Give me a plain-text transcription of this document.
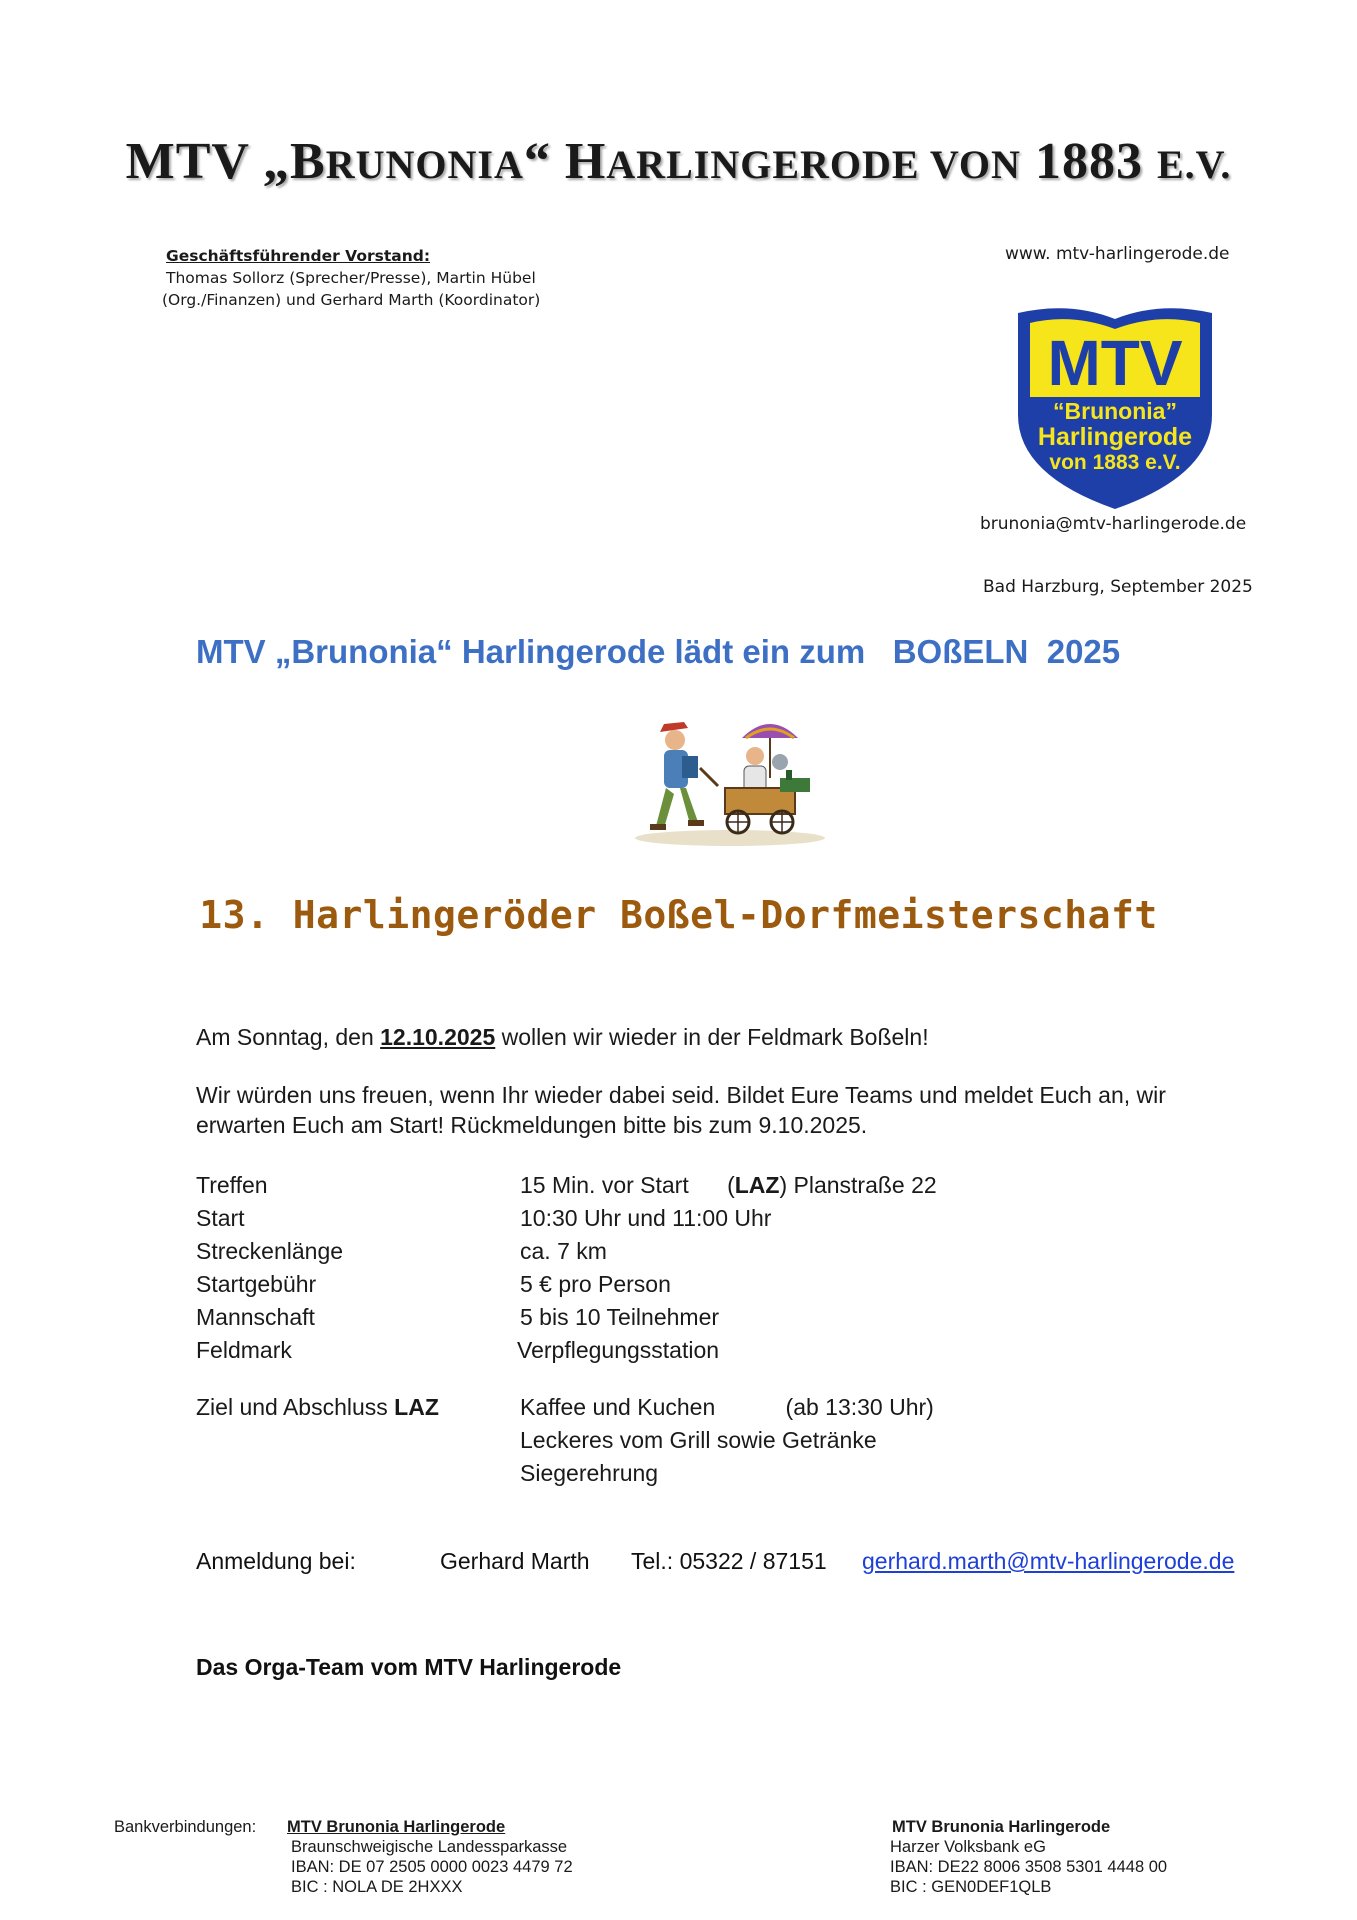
MTV „BRUNONIA“ HARLINGERODE VON 1883 E.V.
Geschäftsführender Vorstand:
Thomas Sollorz (Sprecher/Presse), Martin Hübel
(Org./Finanzen) und Gerhard Marth (Koordinator)
www. mtv-harlingerode.de
MTV
“Brunonia”
Harlingerode
von 1883 e.V.
brunonia@mtv-harlingerode.de
Bad Harzburg, September 2025
MTV „Brunonia“ Harlingerode lädt ein zum   BOßELN  2025
13. Harlingeröder Boßel-Dorfmeisterschaft
Am Sonntag, den 12.10.2025 wollen wir wieder in der Feldmark Boßeln!
Wir würden uns freuen, wenn Ihr wieder dabei seid. Bildet Eure Teams und meldet Euch an, wir
erwarten Euch am Start! Rückmeldungen bitte bis zum 9.10.2025.
Treffen	15 Min. vor Start      (LAZ) Planstraße 22
Start	10:30 Uhr und 11:00 Uhr
Streckenlänge	ca. 7 km
Startgebühr	5 € pro Person
Mannschaft	5 bis 10 Teilnehmer
Feldmark	Verpflegungsstation
Ziel und Abschluss LAZ	Kaffee und Kuchen           (ab 13:30 Uhr)
Leckeres vom Grill sowie Getränke
Siegerehrung
Anmeldung bei:	Gerhard Marth Tel.: 05322 / 87151 gerhard.marth@mtv-harlingerode.de
Das Orga-Team vom MTV Harlingerode
Bankverbindungen: MTV Brunonia Harlingerode
Braunschweigische Landessparkasse
IBAN: DE 07 2505 0000 0023 4479 72
BIC : NOLA DE 2HXXX
MTV Brunonia Harlingerode
Harzer Volksbank eG
IBAN: DE22 8006 3508 5301 4448 00
BIC : GEN0DEF1QLB
